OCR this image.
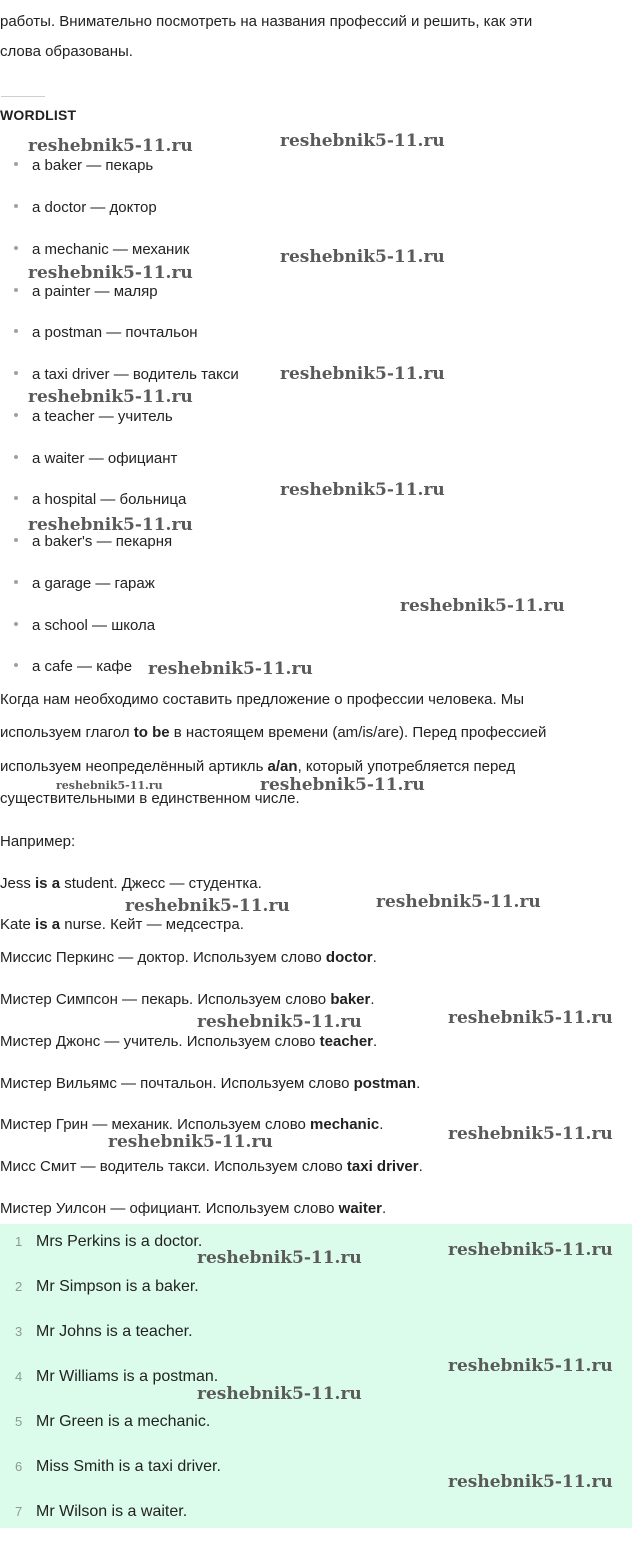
работы. Внимательно посмотреть на названия профессий и решить, как эти
слова образованы.
WORDLIST
a baker — пекарь
a doctor — доктор
a mechanic — механик
a painter — маляр
a postman — почтальон
a taxi driver — водитель такси
a teacher — учитель
a waiter — официант
a hospital — больница
a baker's — пекарня
a garage — гараж
a school — школа
a cafe — кафе
Когда нам необходимо составить предложение о профессии человека. Мы
используем глагол to be в настоящем времени (am/is/are). Перед профессией
используем неопределённый артикль a/an, который употребляется перед
существительными в единственном числе.
Например:
Jess is a student. Джесс — студентка.
Kate is a nurse. Кейт — медсестра.
Миссис Перкинс — доктор. Используем слово doctor.
Мистер Симпсон — пекарь. Используем слово baker.
Мистер Джонс — учитель. Используем слово teacher.
Мистер Вильямс — почтальон. Используем слово postman.
Мистер Грин — механик. Используем слово mechanic.
Мисс Смит — водитель такси. Используем слово taxi driver.
Мистер Уилсон — официант. Используем слово waiter.
1 Mrs Perkins is a doctor.
2 Mr Simpson is a baker.
3 Mr Johns is a teacher.
4 Mr Williams is a postman.
5 Mr Green is a mechanic.
6 Miss Smith is a taxi driver.
7 Mr Wilson is a waiter.
reshebnik5-11.ru	reshebnik5-11.ru
reshebnik5-11.ru
reshebnik5-11.ru
reshebnik5-11.ru
reshebnik5-11.ru
reshebnik5-11.ru
reshebnik5-11.ru
reshebnik5-11.ru
reshebnik5-11.ru
reshebnik5-11.ru	reshebnik5-11.ru
reshebnik5-11.ru	reshebnik5-11.ru
reshebnik5-11.ru	reshebnik5-11.ru
reshebnik5-11.ru	reshebnik5-11.ru
reshebnik5-11.ru	reshebnik5-11.ru
reshebnik5-11.ru
reshebnik5-11.ru
reshebnik5-11.ru
